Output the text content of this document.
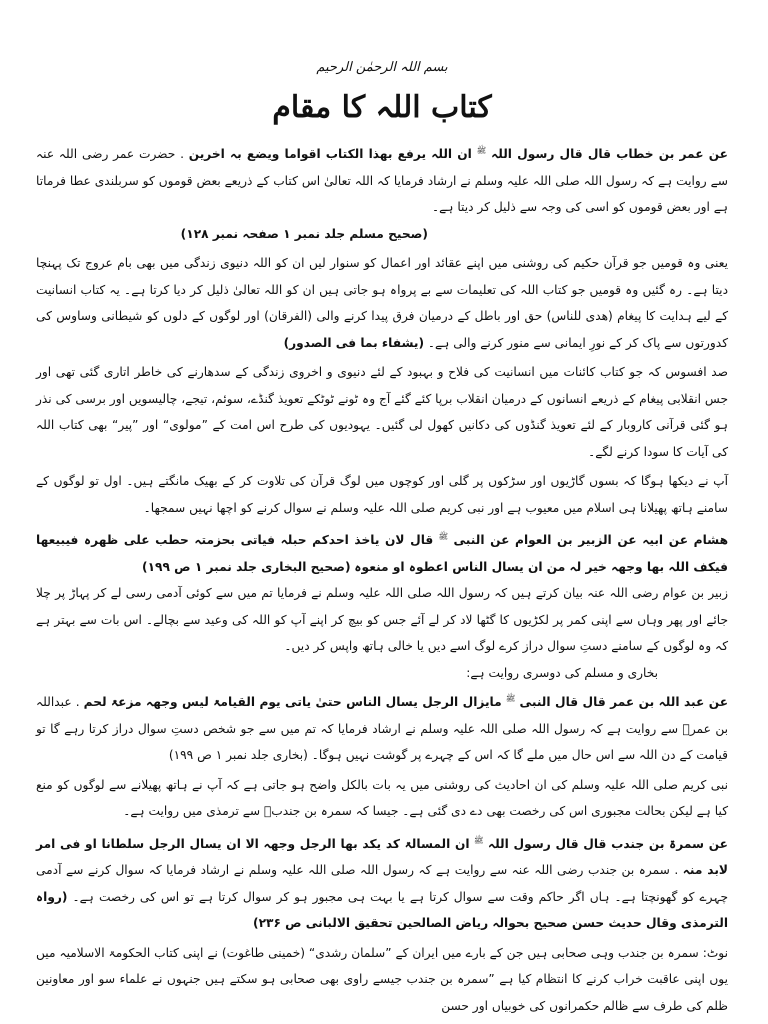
بسم اللہ الرحمٰن الرحیم
کتاب اللہ کا مقام

عن عمر بن خطاب قال قال رسول اللہ $^ﷺ$ ان اللہ یرفع بھذا الکتاب اقواما ویضع بہ اخرین . حضرت عمر رضی اللہ عنہ سے روایت ہے کہ رسول اللہ صلی اللہ علیہ وسلم نے ارشاد فرمایا کہ اللہ تعالیٰ اس کتاب کے ذریعے بعض قوموں کو سربلندی عطا فرماتا ہے اور بعض قوموں کو اسی کی وجہ سے ذلیل کر دیتا ہے۔

(صحیح مسلم جلد نمبر ۱ صفحہ نمبر ۱۲۸)

یعنی وہ قومیں جو قرآن حکیم کی روشنی میں اپنے عقائد اور اعمال کو سنوار لیں ان کو اللہ دنیوی زندگی میں بھی بام عروج تک پہنچا دیتا ہے۔ رہ گئیں وہ قومیں جو کتاب اللہ کی تعلیمات سے بے پرواہ ہو جاتی ہیں ان کو اللہ تعالیٰ ذلیل کر دیا کرتا ہے۔ یہ کتاب انسانیت کے لیے ہدایت کا پیغام (ھدی للناس) حق اور باطل کے درمیان فرق پیدا کرنے والی (الفرقان) اور لوگوں کے دلوں کو شیطانی وساوس کی کدورتوں سے پاک کر کے نورِ ایمانی سے منور کرنے والی ہے۔ (یشفاء بما فی الصدور)

صد افسوس کہ جو کتاب کائنات میں انسانیت کی فلاح و بہبود کے لئے دنیوی و اخروی زندگی کے سدھارنے کی خاطر اتاری گئی تھی اور جس انقلابی پیغام کے ذریعے انسانوں کے درمیان انقلاب برپا کئے گئے آج وہ ٹونے ٹوٹکے تعویذ گنڈے، سوئم، تیجے، چالیسویں اور برسی کی نذر ہو گئی قرآنی کاروبار کے لئے تعویذ گنڈوں کی دکانیں کھول لی گئیں۔ یہودیوں کی طرح اس امت کے ”مولوی“ اور ”پیر“ بھی کتاب اللہ کی آیات کا سودا کرنے لگے۔

آپ نے دیکھا ہوگا کہ بسوں گاڑیوں اور سڑکوں پر گلی اور کوچوں میں لوگ قرآن کی تلاوت کر کے بھیک مانگتے ہیں۔ اول تو لوگوں کے سامنے ہاتھ پھیلانا ہی اسلام میں معیوب ہے اور نبی کریم صلی اللہ علیہ وسلم نے سوال کرنے کو اچھا نہیں سمجھا۔

ھشام عن ابیہ عن الزبیر بن العوام عن النبی $^ﷺ$ قال لان یاخذ احدکم حبلہ فیاتی بحزمتہ حطب علی ظھرہ فیبیعھا فیکف اللہ بھا وجھہ خیر لہ من ان یسال الناس اعطوہ او منعوہ (صحیح البخاری جلد نمبر ۱ ص ۱۹۹)

زبیر بن عوام رضی اللہ عنہ بیان کرتے ہیں کہ رسول اللہ صلی اللہ علیہ وسلم نے فرمایا تم میں سے کوئی آدمی رسی لے کر پہاڑ پر چلا جائے اور پھر وہاں سے اپنی کمر پر لکڑیوں کا گٹھا لاد کر لے آئے جس کو بیچ کر اپنے آپ کو اللہ کی وعید سے بچالے۔ اس بات سے بہتر ہے کہ وہ لوگوں کے سامنے دستِ سوال دراز کرے لوگ اسے دیں یا خالی ہاتھ واپس کر دیں۔

بخاری و مسلم کی دوسری روایت ہے:

عن عبد اللہ بن عمر قال قال النبی $^ﷺ$ مایزال الرجل یسال الناس حتیٰ یاتی یوم القیامۃ لیس وجھہ مزعۃ لحم . عبداللہ بن عمرؓ سے روایت ہے کہ رسول اللہ صلی اللہ علیہ وسلم نے ارشاد فرمایا کہ تم میں سے جو شخص دستِ سوال دراز کرتا رہے گا تو قیامت کے دن اللہ سے اس حال میں ملے گا کہ اس کے چہرے پر گوشت نہیں ہوگا۔ (بخاری جلد نمبر ۱ ص ۱۹۹)

نبی کریم صلی اللہ علیہ وسلم کی ان احادیث کی روشنی میں یہ بات بالکل واضح ہو جاتی ہے کہ آپ نے ہاتھ پھیلانے سے لوگوں کو منع کیا ہے لیکن بحالت مجبوری اس کی رخصت بھی دے دی گئی ہے۔ جیسا کہ سمرہ بن جندبؓ سے ترمذی میں روایت ہے۔

عن سمرۃ بن جندب قال قال رسول اللہ $^ﷺ$ ان المسالۃ کد یکد بھا الرجل وجھہ الا ان یسال الرجل سلطانا او فی امر لابد منہ . سمرہ بن جندب رضی اللہ عنہ سے روایت ہے کہ رسول اللہ صلی اللہ علیہ وسلم نے ارشاد فرمایا کہ سوال کرنے سے آدمی چہرے کو گھونچتا ہے۔ ہاں اگر حاکم وقت سے سوال کرتا ہے یا بہت ہی مجبور ہو کر سوال کرتا ہے تو اس کی رخصت ہے۔ (رواہ الترمذی وقال حدیث حسن صحیح بحوالہ ریاض الصالحین تحقیق الالبانی ص ۲۳۶)

نوٹ: سمرہ بن جندب وہی صحابی ہیں جن کے بارے میں ایران کے ”سلمان رشدی“ (خمینی طاغوت) نے اپنی کتاب الحکومۃ الاسلامیہ میں یوں اپنی عاقبت خراب کرنے کا انتظام کیا ہے ”سمرہ بن جندب جیسے راوی بھی صحابی ہو سکتے ہیں جنہوں نے علماء سو اور معاونین ظلم کی طرف سے ظالم حکمرانوں کی خوبیاں اور حسن
